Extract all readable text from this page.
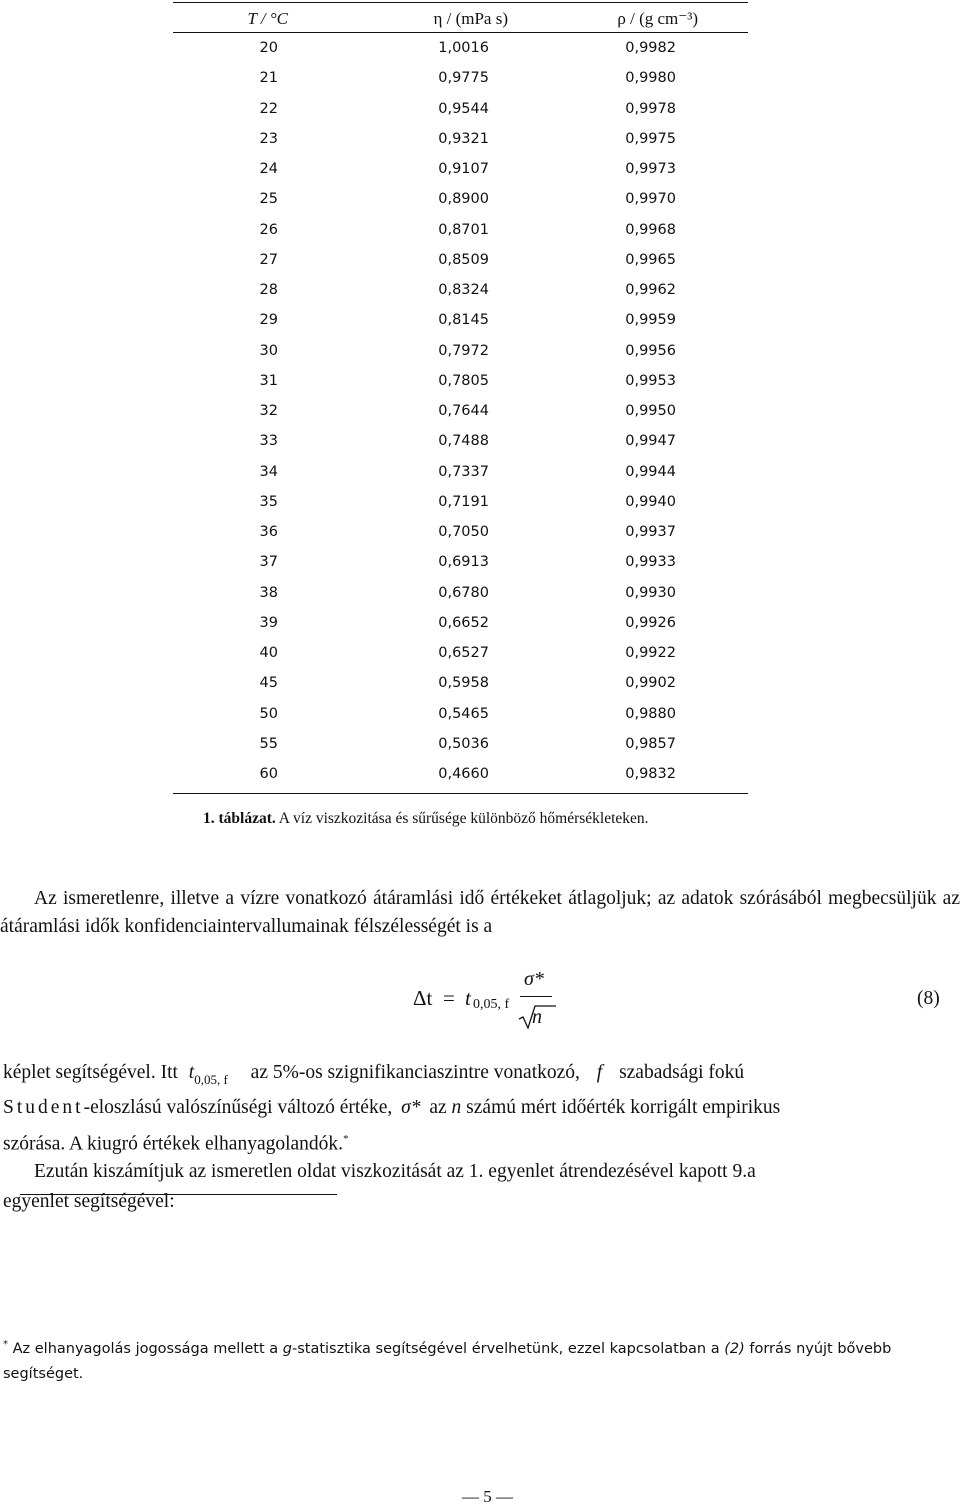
T / °C	η / (mPa s)	ρ / (g cm⁻³)
20	1,0016	0,9982
21	0,9775	0,9980
22	0,9544	0,9978
23	0,9321	0,9975
24	0,9107	0,9973
25	0,8900	0,9970
26	0,8701	0,9968
27	0,8509	0,9965
28	0,8324	0,9962
29	0,8145	0,9959
30	0,7972	0,9956
31	0,7805	0,9953
32	0,7644	0,9950
33	0,7488	0,9947
34	0,7337	0,9944
35	0,7191	0,9940
36	0,7050	0,9937
37	0,6913	0,9933
38	0,6780	0,9930
39	0,6652	0,9926
40	0,6527	0,9922
45	0,5958	0,9902
50	0,5465	0,9880
55	0,5036	0,9857
60	0,4660	0,9832
1. táblázat. A víz viszkozitása és sűrűsége különböző hőmérsékleteken.
Az ismeretlenre, illetve a vízre vonatkozó átáramlási idő értékeket átlagoljuk; az adatok szórásából megbecsüljük az átáramlási idők konfidenciaintervallumainak félszélességét is a
Δt = t 0,05, f
σ*
n
(8)
képlet segítségével. Itt $t_{0,05, f}$ az 5%-os szignifikanciaszintre vonatkozó, f szabadsági fokú
Student-eloszlású valószínűségi változó értéke, σ* az n számú mért időérték korrigált empirikus
szórása. A kiugró értékek elhanyagolandók.*
Ezután kiszámítjuk az ismeretlen oldat viszkozitását az 1. egyenlet átrendezésével kapott 9.a
egyenlet segítségével:
* Az elhanyagolás jogossága mellett a g-statisztika segítségével érvelhetünk, ezzel kapcsolatban a (2) forrás nyújt bővebb
segítséget.
— 5 —
